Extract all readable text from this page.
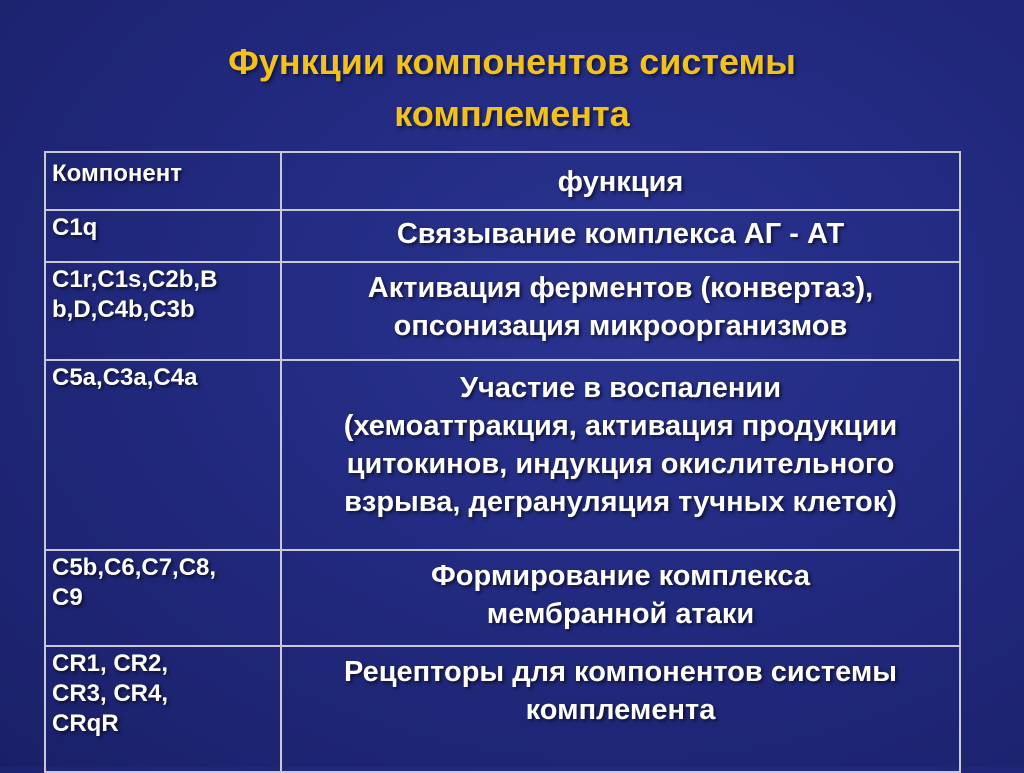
Функции компонентов системы
комплемента
Компонент	функция

С1q	Связывание комплекса АГ - АТ

С1r,C1s,C2b,B
b,D,C4b,C3b	Активация ферментов (конвертаз),
опсонизация микроорганизмов

C5a,C3a,C4a	Участие в воспалении
(хемоаттракция, активация продукции
цитокинов, индукция окислительного
взрыва, дегрануляция тучных клеток)

C5b,C6,C7,C8,
C9	Формирование комплекса
мембранной атаки

CR1, CR2,
CR3, CR4,
CRqR	Рецепторы для компонентов системы
комплемента
